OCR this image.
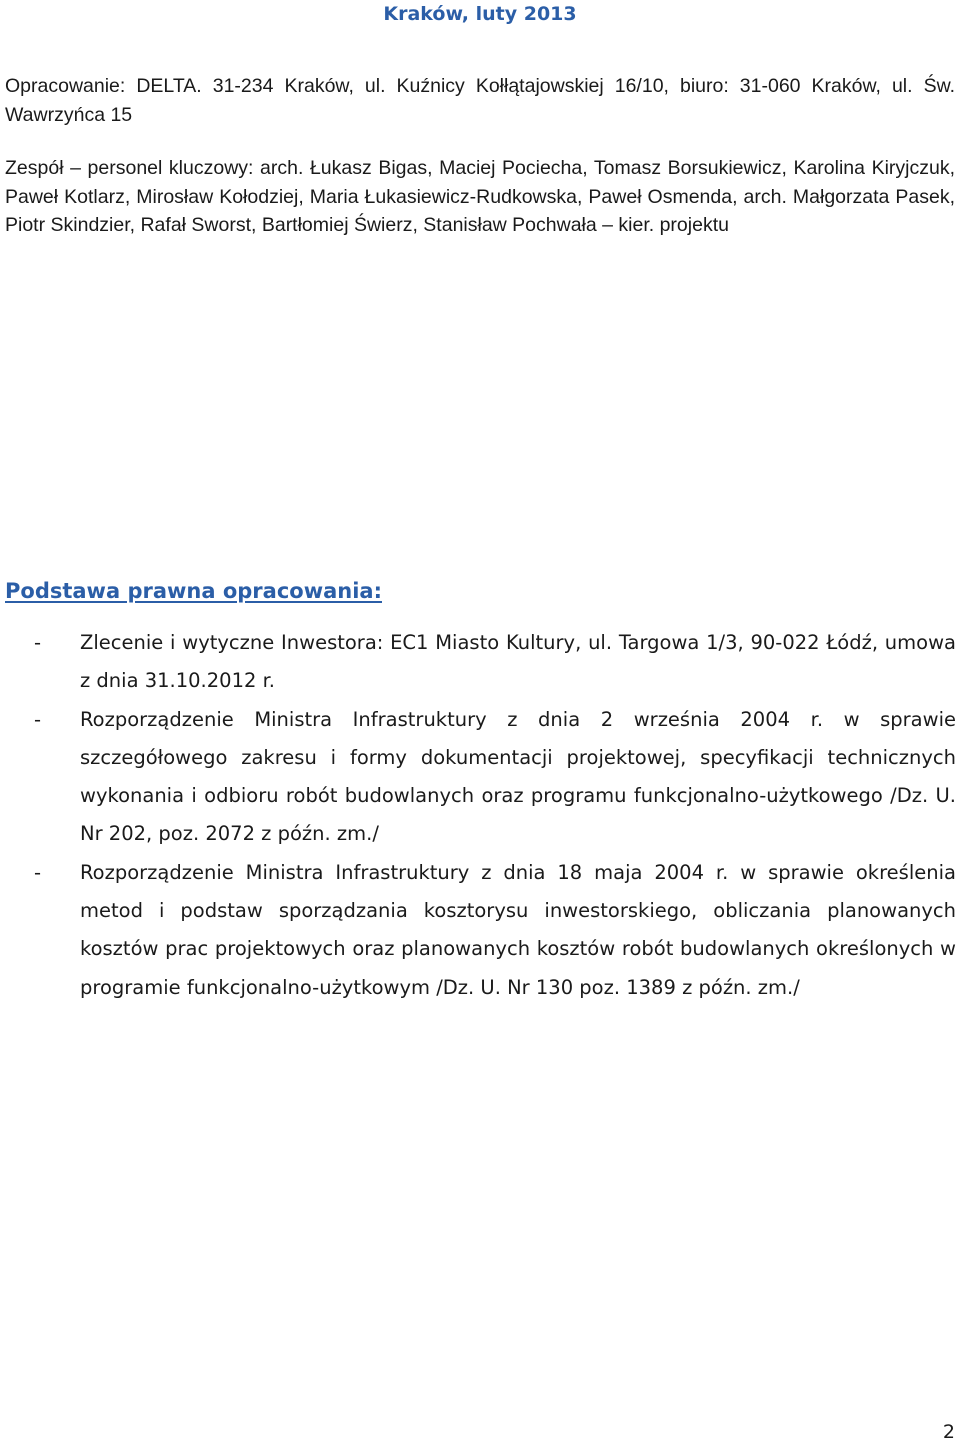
Kraków, luty 2013

Opracowanie: DELTA. 31-234 Kraków, ul. Kuźnicy Kołłątajowskiej 16/10, biuro: 31-060 Kraków, ul. Św. Wawrzyńca 15

Zespół – personel kluczowy: arch. Łukasz Bigas, Maciej Pociecha, Tomasz Borsukiewicz, Karolina Kiryjczuk, Paweł Kotlarz, Mirosław Kołodziej, Maria Łukasiewicz-Rudkowska, Paweł Osmenda, arch. Małgorzata Pasek, Piotr Skindzier, Rafał Sworst, Bartłomiej Świerz, Stanisław Pochwała – kier. projektu

Podstawa prawna opracowania:
- Zlecenie i wytyczne Inwestora: EC1 Miasto Kultury, ul. Targowa 1/3, 90-022 Łódź, umowa z dnia 31.10.2012 r.
- Rozporządzenie Ministra Infrastruktury z dnia 2 września 2004 r. w sprawie szczegółowego zakresu i formy dokumentacji projektowej, specyfikacji technicznych wykonania i odbioru robót budowlanych oraz programu funkcjonalno-użytkowego /Dz. U. Nr 202, poz. 2072 z późn. zm./
- Rozporządzenie Ministra Infrastruktury z dnia 18 maja 2004 r. w sprawie określenia metod i podstaw sporządzania kosztorysu inwestorskiego, obliczania planowanych kosztów prac projektowych oraz planowanych kosztów robót budowlanych określonych w programie funkcjonalno-użytkowym /Dz. U. Nr 130 poz. 1389 z późn. zm./
2
